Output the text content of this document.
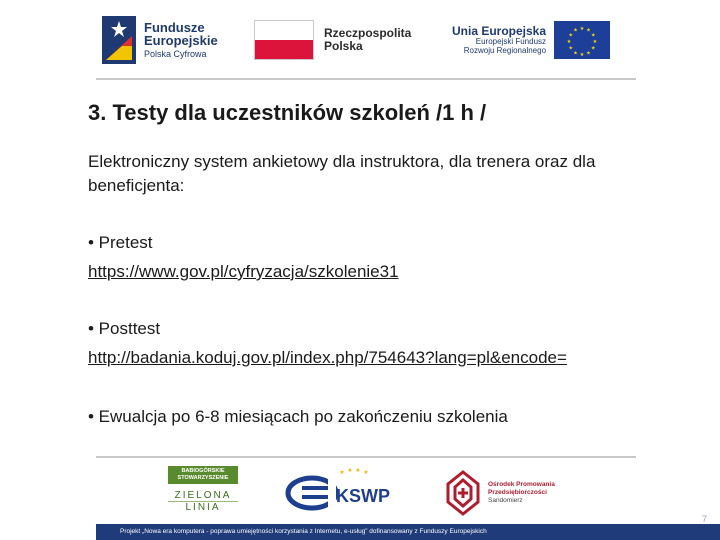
Fundusze
Europejskie
Polska Cyfrowa
Rzeczpospolita
Polska
Unia Europejska
Europejski Fundusz
Rozwoju Regionalnego
★ ★
★
★
★
★
★
★
★
★
★
★
3. Testy dla uczestników szkoleń /1 h /

Elektroniczny system ankietowy dla instruktora, dla trenera oraz dla beneficjenta:

• Pretest
https://www.gov.pl/cyfryzacja/szkolenie31
• Posttest
http://badania.koduj.gov.pl/index.php/754643?lang=pl&encode=
• Ewualcja po 6-8 miesiącach po zakończeniu szkolenia
BABIOGÓRSKIE
STOWARZYSZENIE
ZIELONA
LINIA
★ ★ ★ ★
KSWP
Ośrodek Promowania
Przedsiębiorczości
Sandomierz
Projekt „Nowa era komputera - poprawa umiejętności korzystania z Internetu, e-usług” dofinansowany z Funduszy Europejskich
7
